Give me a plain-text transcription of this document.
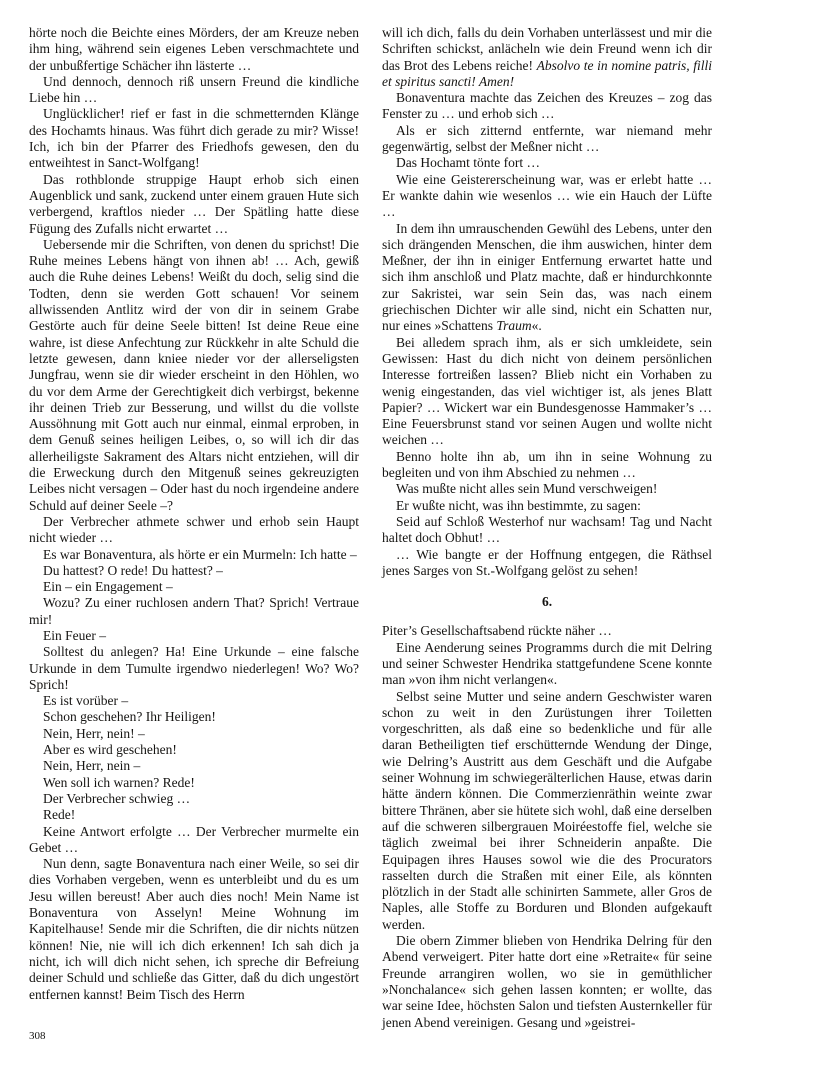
hörte noch die Beichte eines Mörders, der am Kreuze neben ihm hing, während sein eigenes Leben verschmachtete und der unbußfertige Schächer ihn lästerte …

Und dennoch, dennoch riß unsern Freund die kindliche Liebe hin …

Unglücklicher! rief er fast in die schmetternden Klänge des Hochamts hinaus. Was führt dich gerade zu mir? Wisse! Ich, ich bin der Pfarrer des Friedhofs gewesen, den du entweihtest in Sanct-Wolfgang!

Das rothblonde struppige Haupt erhob sich einen Augenblick und sank, zuckend unter einem grauen Hute sich verbergend, kraftlos nieder … Der Spätling hatte diese Fügung des Zufalls nicht erwartet …

Uebersende mir die Schriften, von denen du sprichst! Die Ruhe meines Lebens hängt von ihnen ab! … Ach, gewiß auch die Ruhe deines Lebens! Weißt du doch, selig sind die Todten, denn sie werden Gott schauen! Vor seinem allwissenden Antlitz wird der von dir in seinem Grabe Gestörte auch für deine Seele bitten! Ist deine Reue eine wahre, ist diese Anfechtung zur Rückkehr in alte Schuld die letzte gewesen, dann kniee nieder vor der allerseligsten Jungfrau, wenn sie dir wieder erscheint in den Höhlen, wo du vor dem Arme der Gerechtigkeit dich verbirgst, bekenne ihr deinen Trieb zur Besserung, und willst du die vollste Aussöhnung mit Gott auch nur einmal, einmal erproben, in dem Genuß seines heiligen Leibes, o, so will ich dir das allerheiligste Sakrament des Altars nicht entziehen, will dir die Erweckung durch den Mitgenuß seines gekreuzigten Leibes nicht versagen – Oder hast du noch irgendeine andere Schuld auf deiner Seele –?

Der Verbrecher athmete schwer und erhob sein Haupt nicht wieder …

Es war Bonaventura, als hörte er ein Murmeln: Ich hatte –

Du hattest? O rede! Du hattest? –

Ein – ein Engagement –

Wozu? Zu einer ruchlosen andern That? Sprich! Vertraue mir!

Ein Feuer –

Solltest du anlegen? Ha! Eine Urkunde – eine falsche Urkunde in dem Tumulte irgendwo niederlegen! Wo? Wo? Sprich!

Es ist vorüber –

Schon geschehen? Ihr Heiligen!

Nein, Herr, nein! –

Aber es wird geschehen!

Nein, Herr, nein –

Wen soll ich warnen? Rede!

Der Verbrecher schwieg …

Rede!

Keine Antwort erfolgte … Der Verbrecher murmelte ein Gebet …

Nun denn, sagte Bonaventura nach einer Weile, so sei dir dies Vorhaben vergeben, wenn es unterbleibt und du es um Jesu willen bereust! Aber auch dies noch! Mein Name ist Bonaventura von Asselyn! Meine Wohnung im Kapitelhause! Sende mir die Schriften, die dir nichts nützen können! Nie, nie will ich dich erkennen! Ich sah dich ja nicht, ich will dich nicht sehen, ich spreche dir Befreiung deiner Schuld und schließe das Gitter, daß du dich ungestört entfernen kannst! Beim Tisch des Herrn

will ich dich, falls du dein Vorhaben unterlässest und mir die Schriften schickst, anlächeln wie dein Freund wenn ich dir das Brot des Lebens reiche! Absolvo te in nomine patris, filli et spiritus sancti! Amen!

Bonaventura machte das Zeichen des Kreuzes – zog das Fenster zu … und erhob sich …

Als er sich zitternd entfernte, war niemand mehr gegenwärtig, selbst der Meßner nicht …

Das Hochamt tönte fort …

Wie eine Geistererscheinung war, was er erlebt hatte … Er wankte dahin wie wesenlos … wie ein Hauch der Lüfte …

In dem ihn umrauschenden Gewühl des Lebens, unter den sich drängenden Menschen, die ihm auswichen, hinter dem Meßner, der ihn in einiger Entfernung erwartet hatte und sich ihm anschloß und Platz machte, daß er hindurchkonnte zur Sakristei, war sein Sein das, was nach einem griechischen Dichter wir alle sind, nicht ein Schatten nur, nur eines »Schattens Traum«.

Bei alledem sprach ihm, als er sich umkleidete, sein Gewissen: Hast du dich nicht von deinem persönlichen Interesse fortreißen lassen? Blieb nicht ein Vorhaben zu wenig eingestanden, das viel wichtiger ist, als jenes Blatt Papier? … Wickert war ein Bundesgenosse Hammaker’s … Eine Feuersbrunst stand vor seinen Augen und wollte nicht weichen …

Benno holte ihn ab, um ihn in seine Wohnung zu begleiten und von ihm Abschied zu nehmen …

Was mußte nicht alles sein Mund verschweigen!

Er wußte nicht, was ihn bestimmte, zu sagen:

Seid auf Schloß Westerhof nur wachsam! Tag und Nacht haltet doch Obhut! …

… Wie bangte er der Hoffnung entgegen, die Räthsel jenes Sarges von St.-Wolfgang gelöst zu sehen!

6.

Piter’s Gesellschaftsabend rückte näher …

Eine Aenderung seines Programms durch die mit Delring und seiner Schwester Hendrika stattgefundene Scene konnte man »von ihm nicht verlangen«.

Selbst seine Mutter und seine andern Geschwister waren schon zu weit in den Zurüstungen ihrer Toiletten vorgeschritten, als daß eine so bedenkliche und für alle daran Betheiligten tief erschütternde Wendung der Dinge, wie Delring’s Austritt aus dem Geschäft und die Aufgabe seiner Wohnung im schwiegerälterlichen Hause, etwas darin hätte ändern können. Die Commerzienräthin weinte zwar bittere Thränen, aber sie hütete sich wohl, daß eine derselben auf die schweren silbergrauen Moiréestoffe fiel, welche sie täglich zweimal bei ihrer Schneiderin anpaßte. Die Equipagen ihres Hauses sowol wie die des Procurators rasselten durch die Straßen mit einer Eile, als könnten plötzlich in der Stadt alle schinirten Sammete, aller Gros de Naples, alle Stoffe zu Borduren und Blonden aufgekauft werden.

Die obern Zimmer blieben von Hendrika Delring für den Abend verweigert. Piter hatte dort eine »Retraite« für seine Freunde arrangiren wollen, wo sie in gemüthlicher »Nonchalance« sich gehen lassen konnten; er wollte, das war seine Idee, höchsten Salon und tiefsten Austernkeller für jenen Abend vereinigen. Gesang und »geistrei-

308
